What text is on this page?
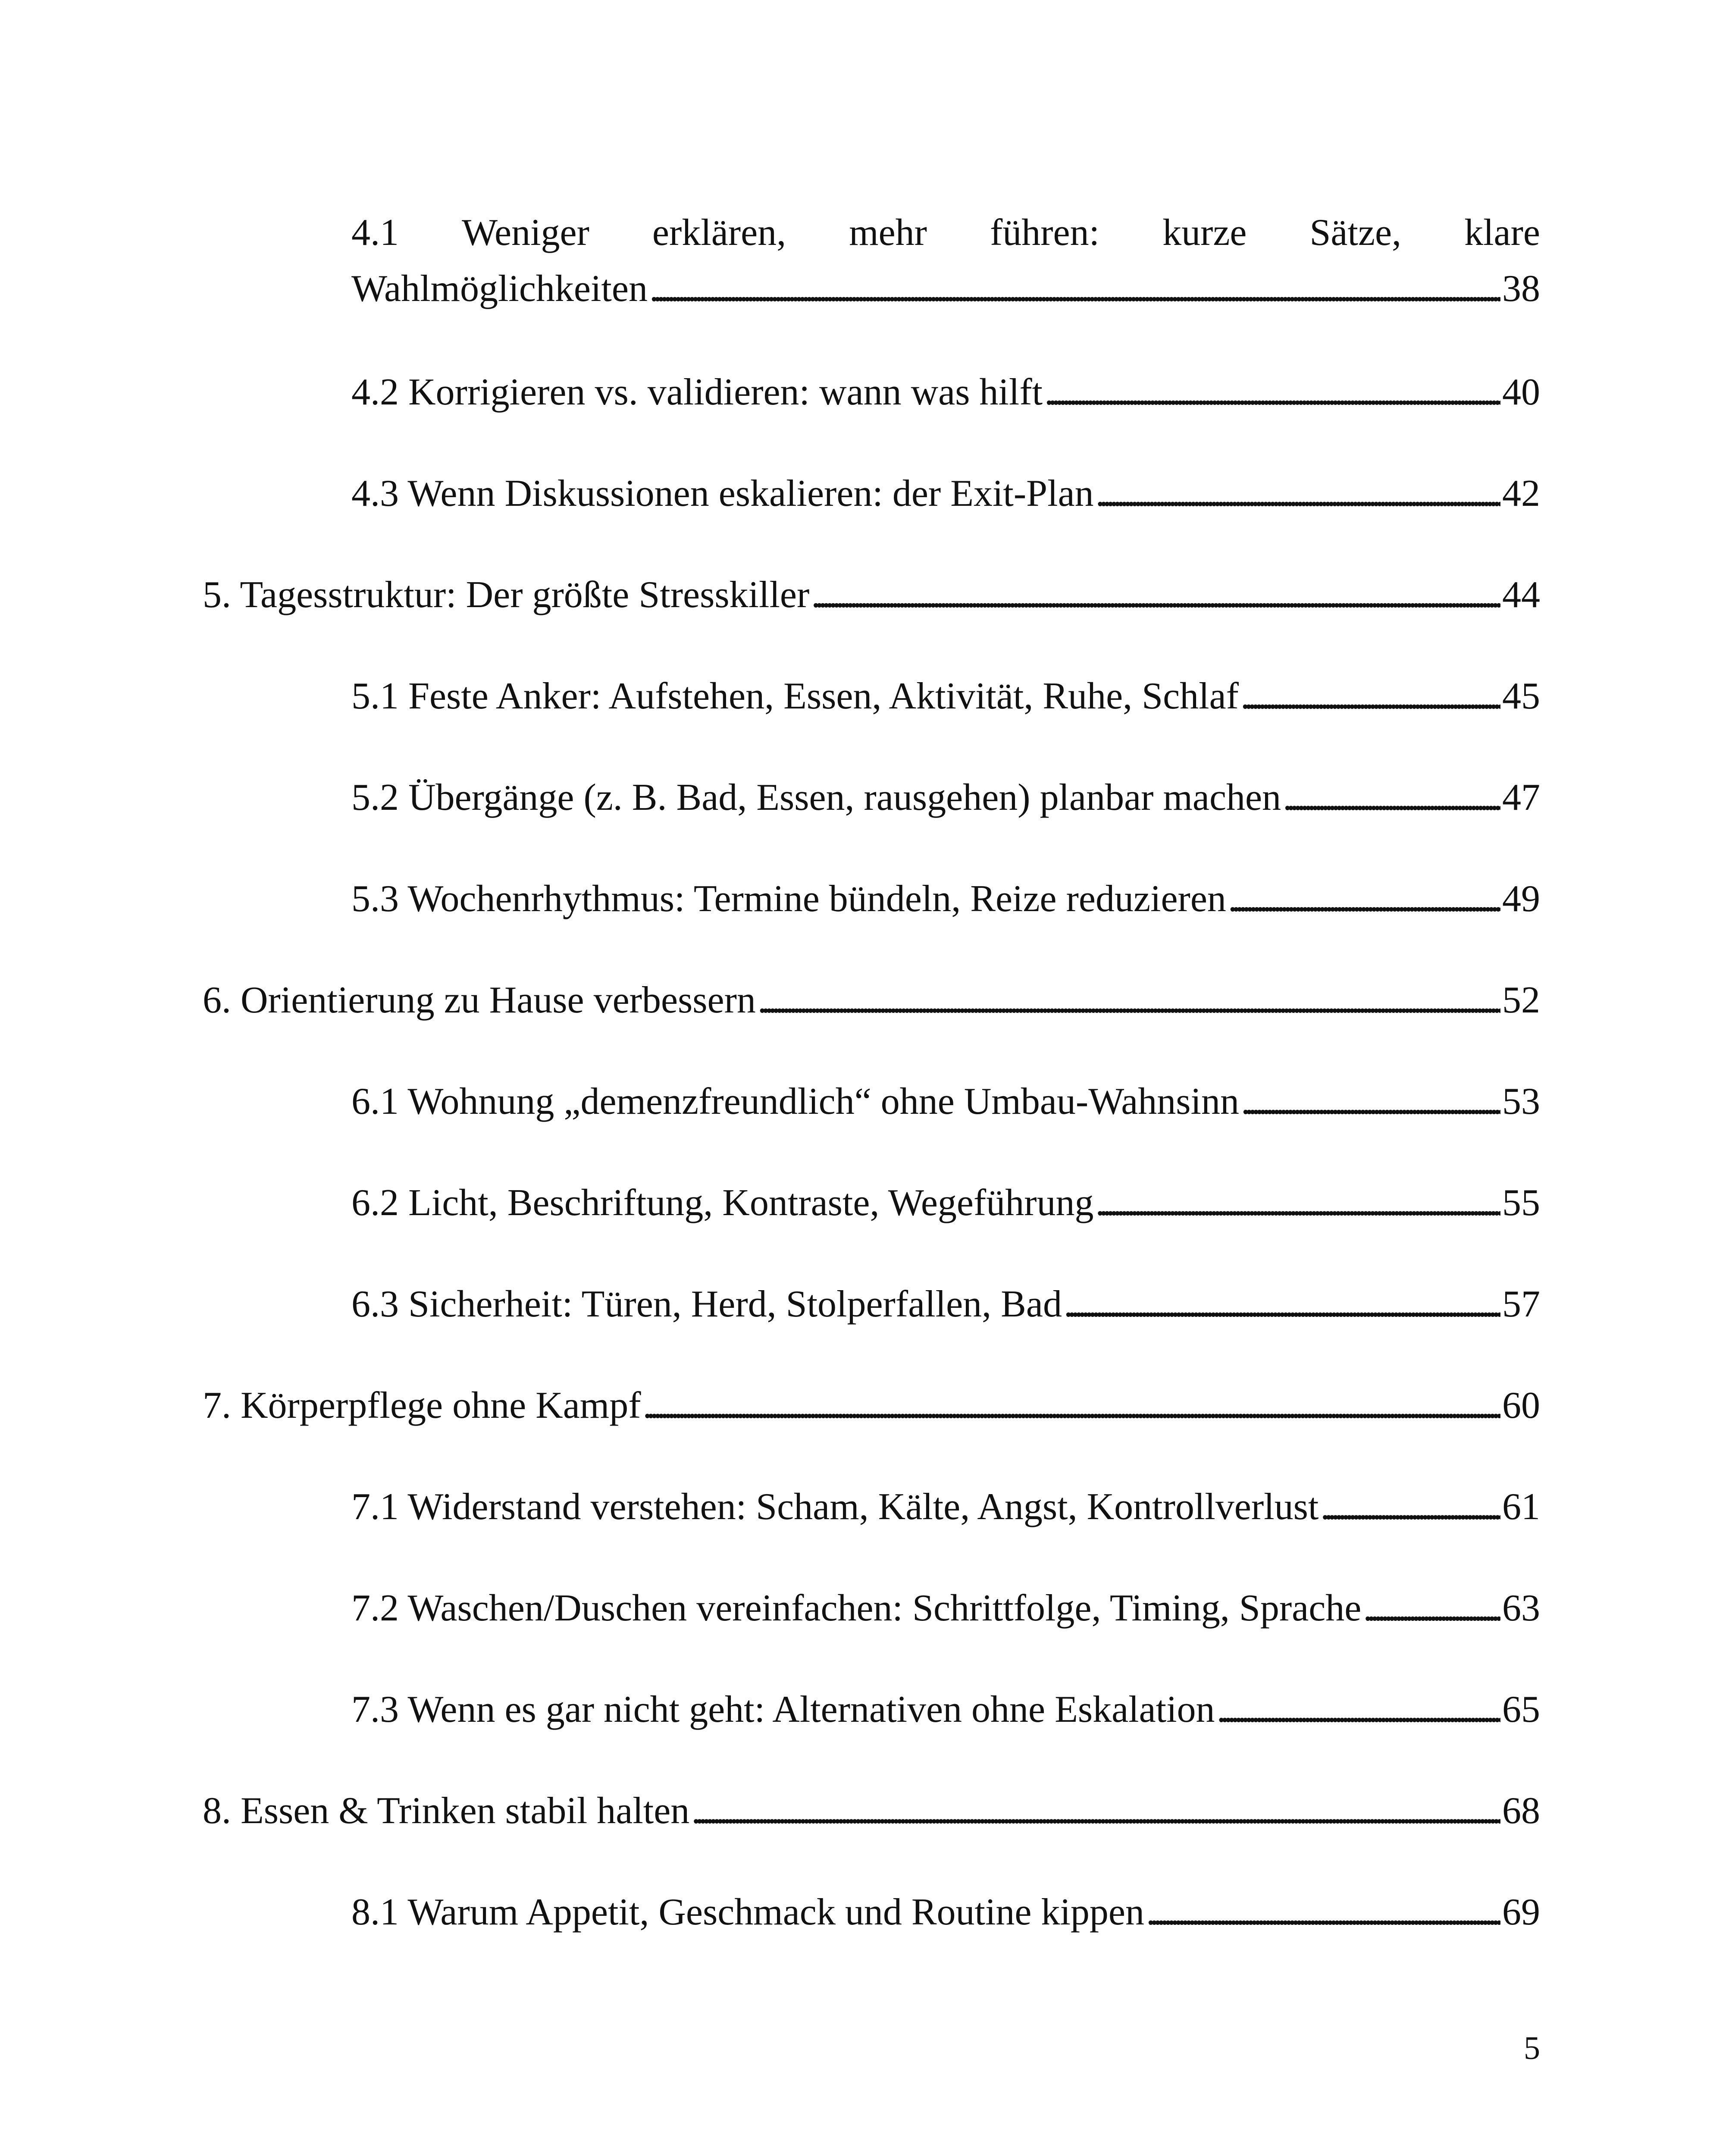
4.1 Weniger erklären, mehr führen: kurze Sätze, klare
Wahlmöglichkeiten . . .	38
4.2 Korrigieren vs. validieren: wann was hilft . . .	40
4.3 Wenn Diskussionen eskalieren: der Exit-Plan . . .	42
5. Tagesstruktur: Der größte Stresskiller . . .	44
5.1 Feste Anker: Aufstehen, Essen, Aktivität, Ruhe, Schlaf . . .	45
5.2 Übergänge (z. B. Bad, Essen, rausgehen) planbar machen . . .	47
5.3 Wochenrhythmus: Termine bündeln, Reize reduzieren . . .	49
6. Orientierung zu Hause verbessern . . .	52
6.1 Wohnung „demenzfreundlich“ ohne Umbau-Wahnsinn . . .	53
6.2 Licht, Beschriftung, Kontraste, Wegeführung . . .	55
6.3 Sicherheit: Türen, Herd, Stolperfallen, Bad . . .	57
7. Körperpflege ohne Kampf . . .	60
7.1 Widerstand verstehen: Scham, Kälte, Angst, Kontrollverlust . . .	61
7.2 Waschen/Duschen vereinfachen: Schrittfolge, Timing, Sprache . . .	63
7.3 Wenn es gar nicht geht: Alternativen ohne Eskalation . . .	65
8. Essen & Trinken stabil halten . . .	68
8.1 Warum Appetit, Geschmack und Routine kippen . . .	69
5
